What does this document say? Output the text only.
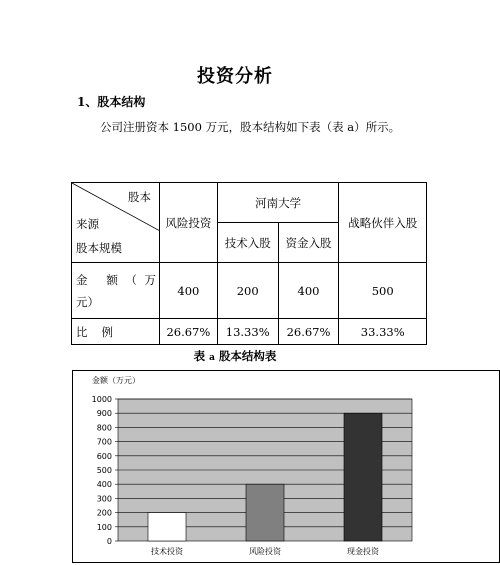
投资分析
1、股本结构
公司注册资本 1500 万元，股本结构如下表（表 a）所示。
股本
来源
股本规模	风险投资	河南大学		战略伙伴入股
		技术入股	资金入股	

金 额（万
元）	400	200	400	500
比例	26.67%	13.33%	26.67%	33.33%
表 a 股本结构表
金额（万元）
0
100
200
300
400
500
600
700
800
900
1000
技术投资	风险投资	现金投资
